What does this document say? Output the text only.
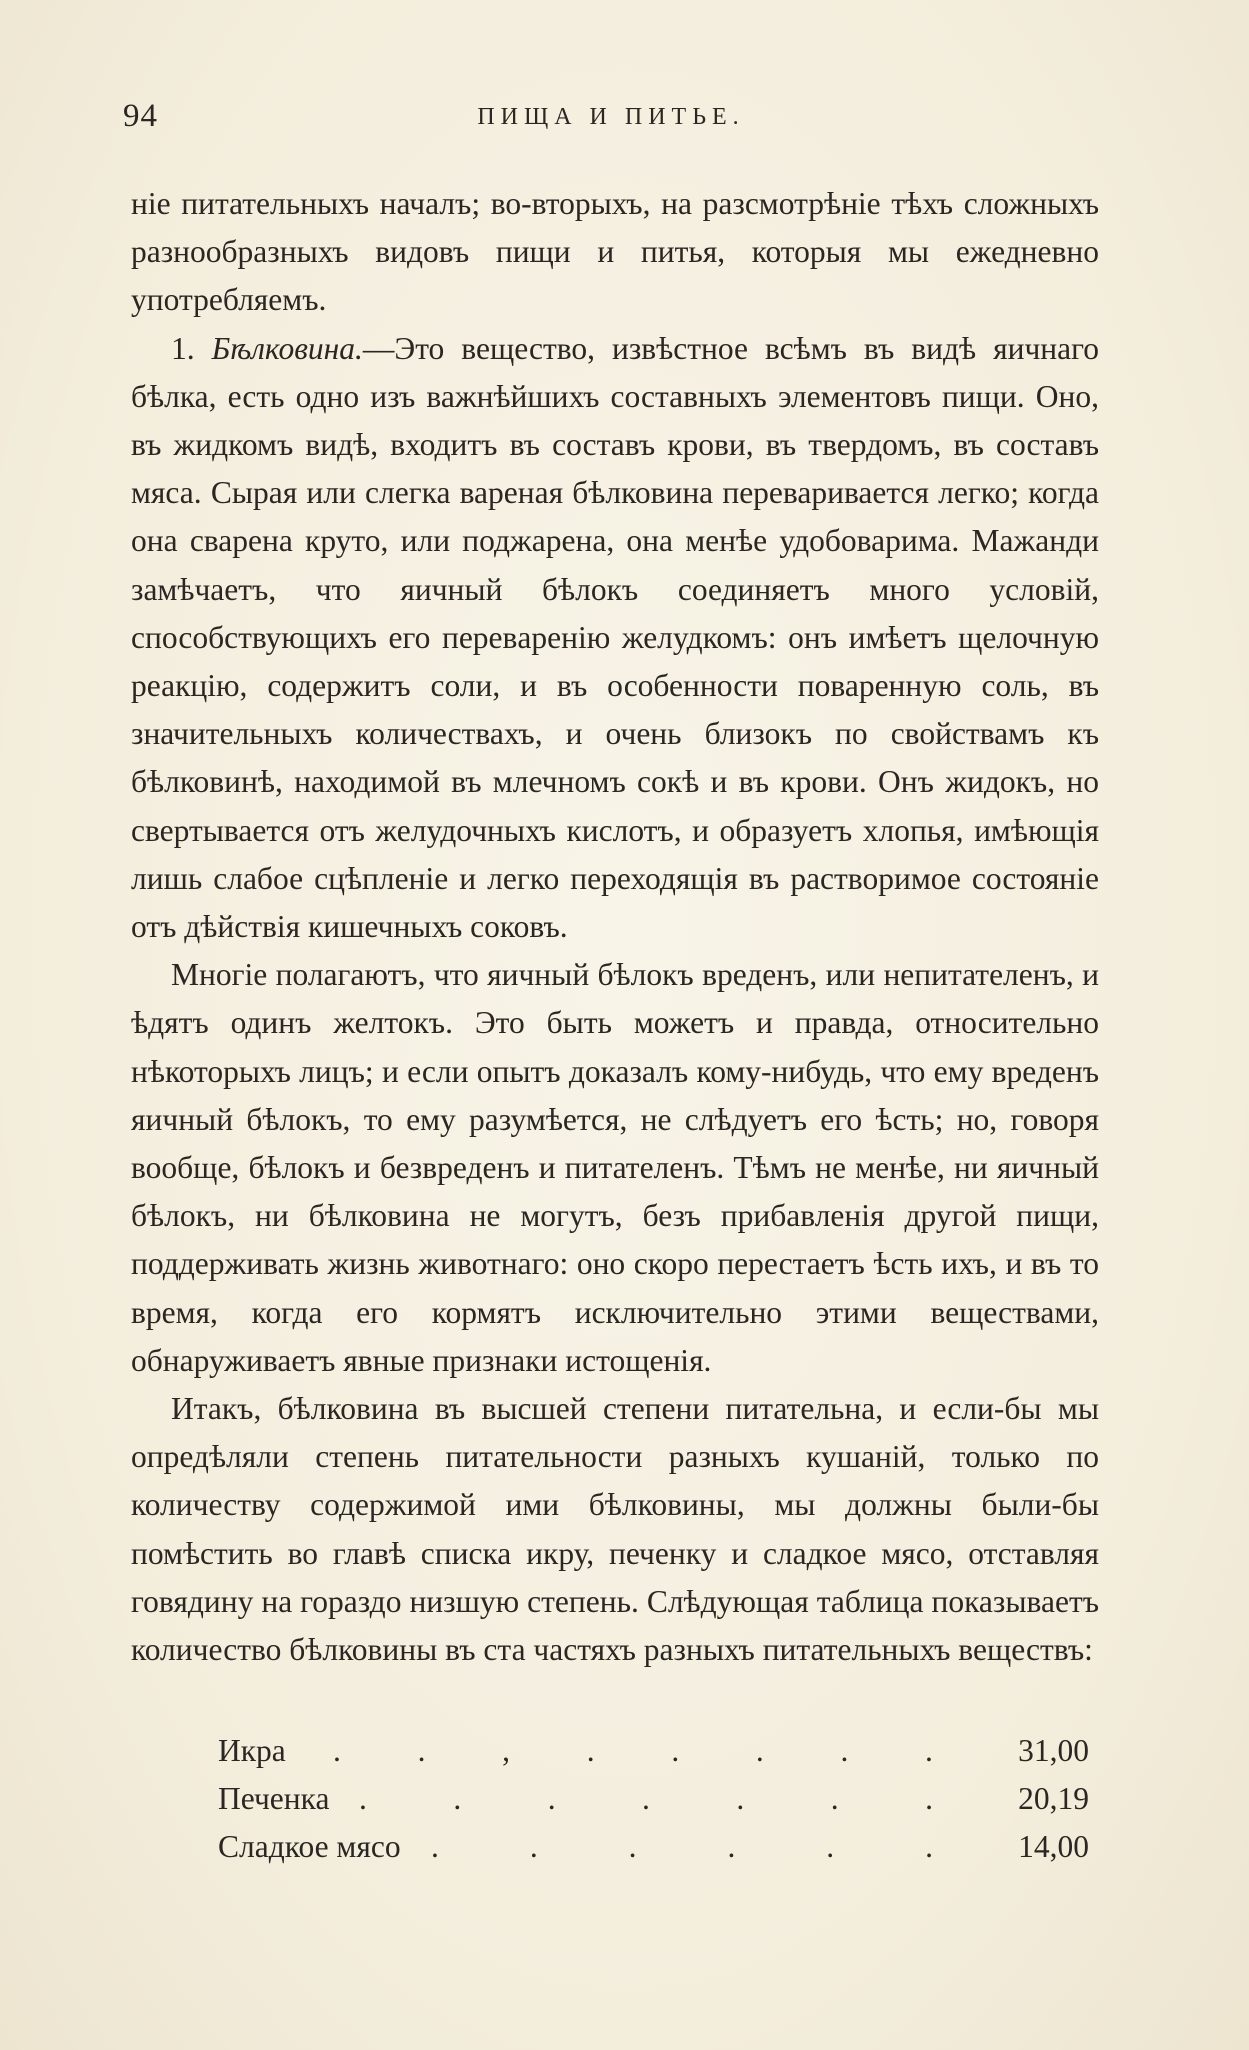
94	ПИЩА И ПИТЬЕ.

ніе питательныхъ началъ; во-вторыхъ, на разсмотрѣніе тѣхъ сложныхъ разнообразныхъ видовъ пищи и питья, которыя мы ежедневно употребляемъ.

1. Бѣлковина.—Это вещество, извѣстное всѣмъ въ видѣ яичнаго бѣлка, есть одно изъ важнѣйшихъ составныхъ элементовъ пищи. Оно, въ жидкомъ видѣ, входитъ въ составъ крови, въ твердомъ, въ составъ мяса. Сырая или слегка вареная бѣлковина переваривается легко; когда она сварена круто, или поджарена, она менѣе удобоварима. Мажанди замѣчаетъ, что яичный бѣлокъ соединяетъ много условій, способствующихъ его перевaренію желудкомъ: онъ имѣетъ щелочную реакцію, содержитъ соли, и въ особенности поваренную соль, въ значительныхъ количествахъ, и очень близокъ по свойствамъ къ бѣлковинѣ, находимой въ млечномъ сокѣ и въ крови. Онъ жидокъ, но свертывается отъ желудочныхъ кислотъ, и образуетъ хлопья, имѣющія лишь слабое сцѣпленіе и легко переходящія въ растворимое состояніе отъ дѣйствія кишечныхъ соковъ.

Многіе полагаютъ, что яичный бѣлокъ вреденъ, или непитателенъ, и ѣдятъ одинъ желтокъ. Это быть можетъ и правда, относительно нѣкоторыхъ лицъ; и если опытъ доказалъ кому-нибудь, что ему вреденъ яичный бѣлокъ, то ему разумѣется, не слѣдуетъ его ѣсть; но, говоря вообще, бѣлокъ и безвреденъ и питателенъ. Тѣмъ не менѣе, ни яичный бѣлокъ, ни бѣлковина не могутъ, безъ прибавленія другой пищи, поддерживать жизнь животнаго: оно скоро перестаетъ ѣсть ихъ, и въ то время, когда его кормятъ исключительно этими веществами, обнаруживаетъ явные признаки истощенія.

Итакъ, бѣлковина въ высшей степени питательна, и если-бы мы опредѣляли степень питательности разныхъ кушаній, только по количеству содержимой ими бѣлковины, мы должны были-бы помѣстить во главѣ списка икру, печенку и сладкое мясо, отставляя говядину на гораздо низшую степень. Слѣдующая таблица показываетъ количество бѣлковины въ ста частяхъ разныхъ питательныхъ веществъ:

Икра . . , . . . . .	31,00
Печенка .	.	.	.	.	.	.	20,19
Сладкое мясо .	.	.	.	.	.	14,00
